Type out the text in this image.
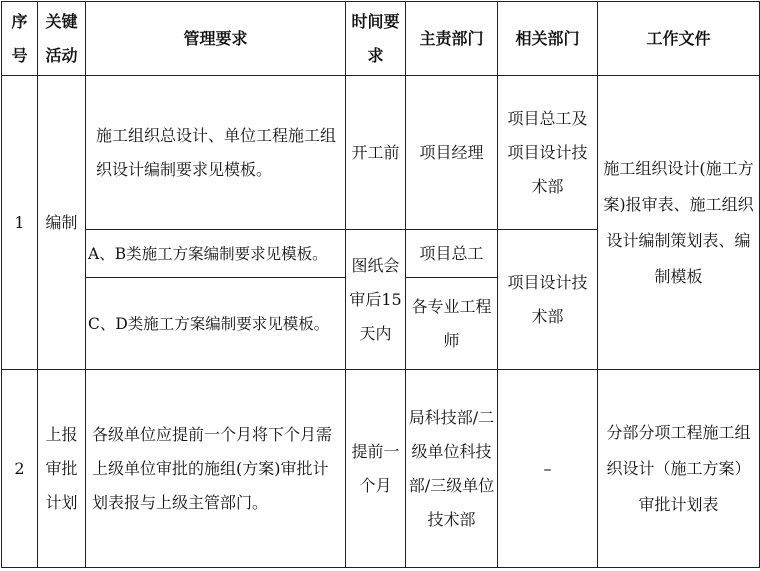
序号	关键活动	管理要求	时间要求	主责部门	相关部门	工作文件
1	编制	施工组织总设计、单位工程施工组织设计编制要求见模板。	开工前	项目经理	项目总工及项目设计技术部	施工组织设计(施工方案)报审表、施工组织设计编制策划表、编制模板
		A、B类施工方案编制要求见模板。	图纸会审后15天内	项目总工	项目设计技术部	
		C、D类施工方案编制要求见模板。		各专业工程师		
2	上报审批计划	各级单位应提前一个月将下个月需上级单位审批的施组(方案)审批计划表报与上级主管部门。	提前一个月	局科技部/二级单位科技部/三级单位技术部	–	分部分项工程施工组织设计（施工方案）审批计划表
